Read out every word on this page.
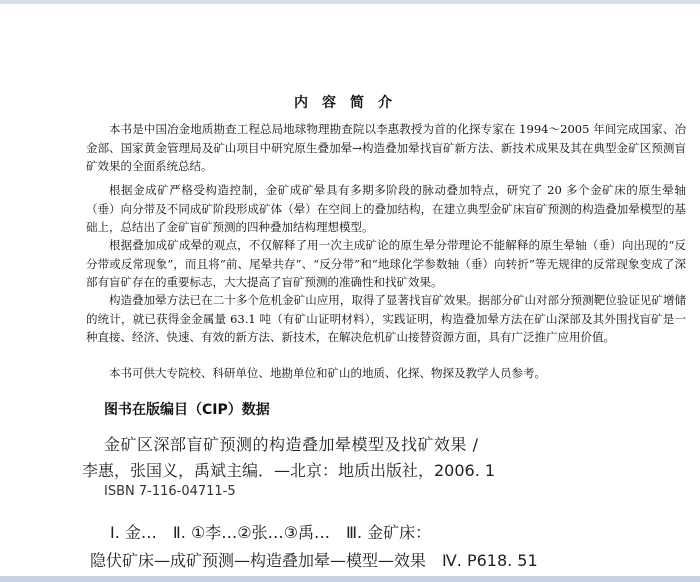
内容简介
本书是中国冶金地质勘查工程总局地球物理勘查院以李惠教授为首的化探专家在 1994～2005 年间完成国家、冶金部、国家黄金管理局及矿山项目中研究原生叠加晕→构造叠加晕找盲矿新方法、新技术成果及其在典型金矿区预测盲矿效果的全面系统总结。
根据金成矿严格受构造控制，金矿成矿晕具有多期多阶段的脉动叠加特点，研究了 20 多个金矿床的原生晕轴（垂）向分带及不同成矿阶段形成矿体（晕）在空间上的叠加结构，在建立典型金矿床盲矿预测的构造叠加晕模型的基础上，总结出了金矿盲矿预测的四种叠加结构理想模型。
根据叠加成矿成晕的观点，不仅解释了用一次主成矿论的原生晕分带理论不能解释的原生晕轴（垂）向出现的“反分带或反常现象”，而且将“前、尾晕共存”、“反分带”和“地球化学参数轴（垂）向转折”等无规律的反常现象变成了深部有盲矿存在的重要标志，大大提高了盲矿预测的准确性和找矿效果。
构造叠加晕方法已在二十多个危机金矿山应用，取得了显著找盲矿效果。据部分矿山对部分预测靶位验证见矿增储的统计，就已获得金金属量 63.1 吨（有矿山证明材料），实践证明，构造叠加晕方法在矿山深部及其外围找盲矿是一种直接、经济、快速、有效的新方法、新技术，在解决危机矿山接替资源方面，具有广泛推广应用价值。
本书可供大专院校、科研单位、地勘单位和矿山的地质、化探、物探及教学人员参考。
图书在版编目（CIP）数据
金矿区深部盲矿预测的构造叠加晕模型及找矿效果 /
李惠，张国义，禹斌主编．—北京：地质出版社，2006. 1
ISBN 7-116-04711-5
Ⅰ. 金…　Ⅱ. ①李…②张…③禹…　Ⅲ. 金矿床：
隐伏矿床—成矿预测—构造叠加晕—模型—效果　Ⅳ. P618. 51
